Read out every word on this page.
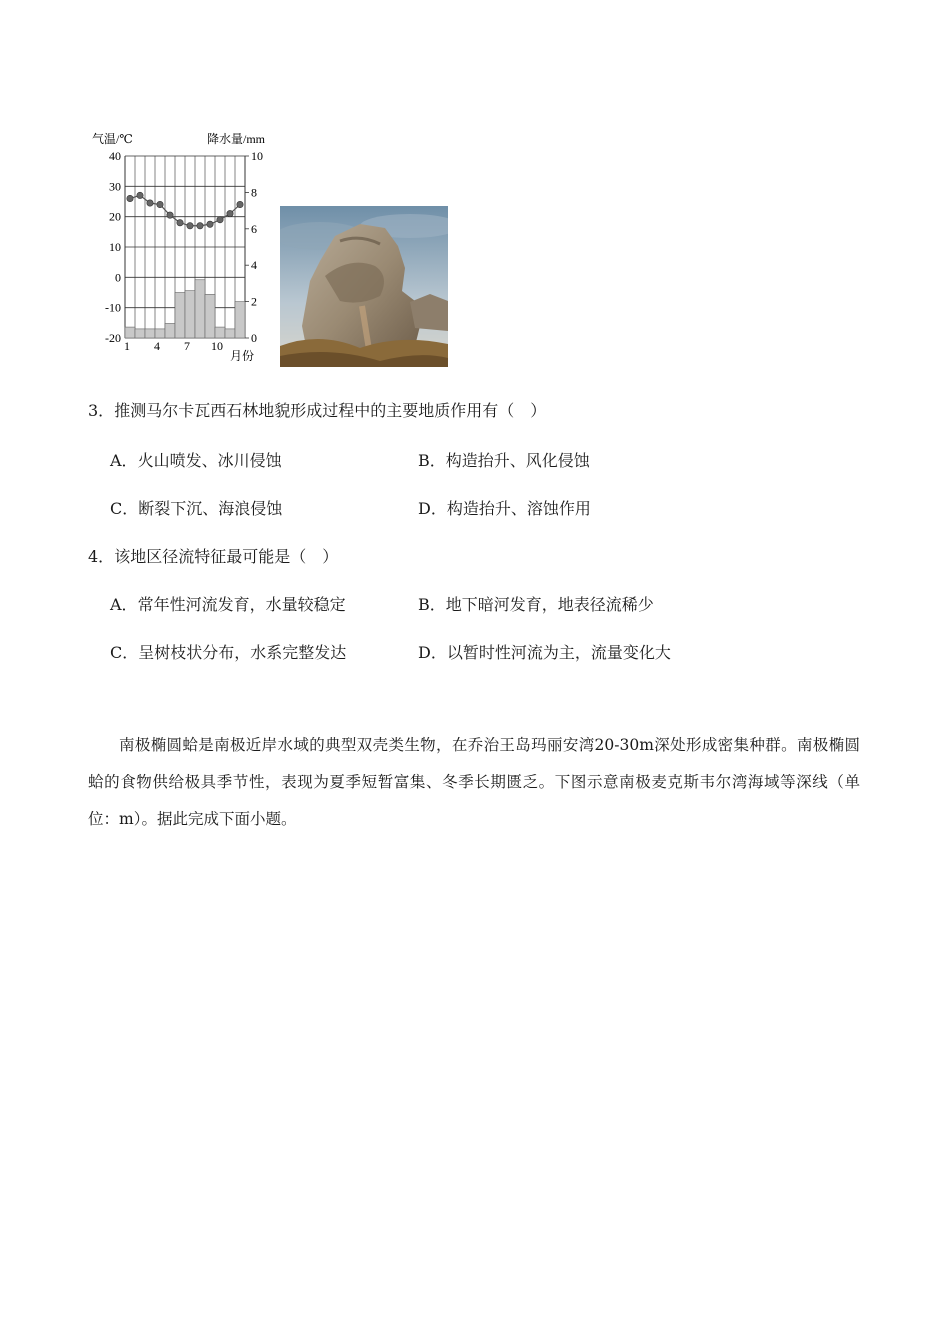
气温/℃	降水量/mm
40
30
20
10
0
-10
-20
10
8
6
4
2
0
1 4 7 10
月份
3．推测马尔卡瓦西石林地貌形成过程中的主要地质作用有（　）
A．火山喷发、冰川侵蚀	B．构造抬升、风化侵蚀
C．断裂下沉、海浪侵蚀	D．构造抬升、溶蚀作用
4．该地区径流特征最可能是（　）
A．常年性河流发育，水量较稳定	B．地下暗河发育，地表径流稀少
C．呈树枝状分布，水系完整发达	D．以暂时性河流为主，流量变化大
南极椭圆蛤是南极近岸水域的典型双壳类生物，在乔治王岛玛丽安湾20-30m深处形成密集种群。南极椭圆蛤的食物供给极具季节性，表现为夏季短暂富集、冬季长期匮乏。下图示意南极麦克斯韦尔湾海域等深线（单位：m）。据此完成下面小题。
